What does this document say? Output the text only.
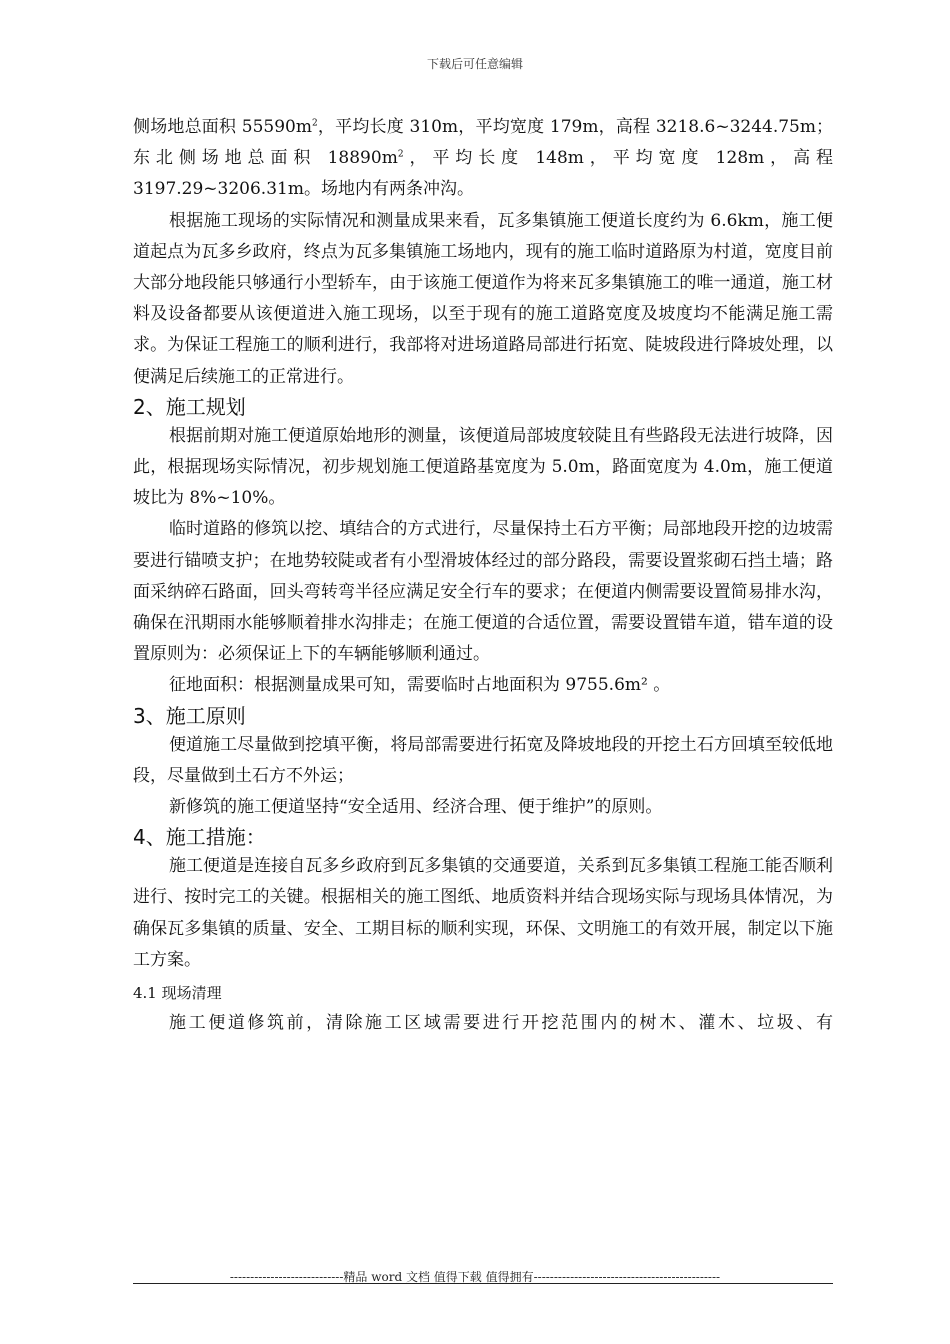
下载后可任意编辑

侧场地总面积 $55590m^2$，平均长度 310m，平均宽度 179m，高程 3218.6~3244.75m；东北侧场地总面积 $18890m^2$，平均长度 148m，平均宽度 128m，高程 3197.29~3206.31m。场地内有两条冲沟。

根据施工现场的实际情况和测量成果来看，瓦多集镇施工便道长度约为 6.6km，施工便道起点为瓦多乡政府，终点为瓦多集镇施工场地内，现有的施工临时道路原为村道，宽度目前大部分地段能只够通行小型轿车，由于该施工便道作为将来瓦多集镇施工的唯一通道，施工材料及设备都要从该便道进入施工现场，以至于现有的施工道路宽度及坡度均不能满足施工需求。为保证工程施工的顺利进行，我部将对进场道路局部进行拓宽、陡坡段进行降坡处理，以便满足后续施工的正常进行。

2、施工规划

根据前期对施工便道原始地形的测量，该便道局部坡度较陡且有些路段无法进行坡降，因此，根据现场实际情况，初步规划施工便道路基宽度为 5.0m，路面宽度为 4.0m，施工便道坡比为 8%~10%。

临时道路的修筑以挖、填结合的方式进行，尽量保持土石方平衡；局部地段开挖的边坡需要进行锚喷支护；在地势较陡或者有小型滑坡体经过的部分路段，需要设置浆砌石挡土墙；路面采纳碎石路面，回头弯转弯半径应满足安全行车的要求；在便道内侧需要设置简易排水沟，确保在汛期雨水能够顺着排水沟排走；在施工便道的合适位置，需要设置错车道，错车道的设置原则为：必须保证上下的车辆能够顺利通过。

征地面积：根据测量成果可知，需要临时占地面积为 9755.6m² 。

3、施工原则

便道施工尽量做到挖填平衡，将局部需要进行拓宽及降坡地段的开挖土石方回填至较低地段，尽量做到土石方不外运；

新修筑的施工便道坚持“安全适用、经济合理、便于维护”的原则。

4、施工措施：

施工便道是连接自瓦多乡政府到瓦多集镇的交通要道，关系到瓦多集镇工程施工能否顺利进行、按时完工的关键。根据相关的施工图纸、地质资料并结合现场实际与现场具体情况，为确保瓦多集镇的质量、安全、工期目标的顺利实现，环保、文明施工的有效开展，制定以下施工方案。

4.1 现场清理

施工便道修筑前，清除施工区域需要进行开挖范围内的树木、灌木、垃圾、有

----------------------------精品 word 文档 值得下载 值得拥有----------------------------------------------
